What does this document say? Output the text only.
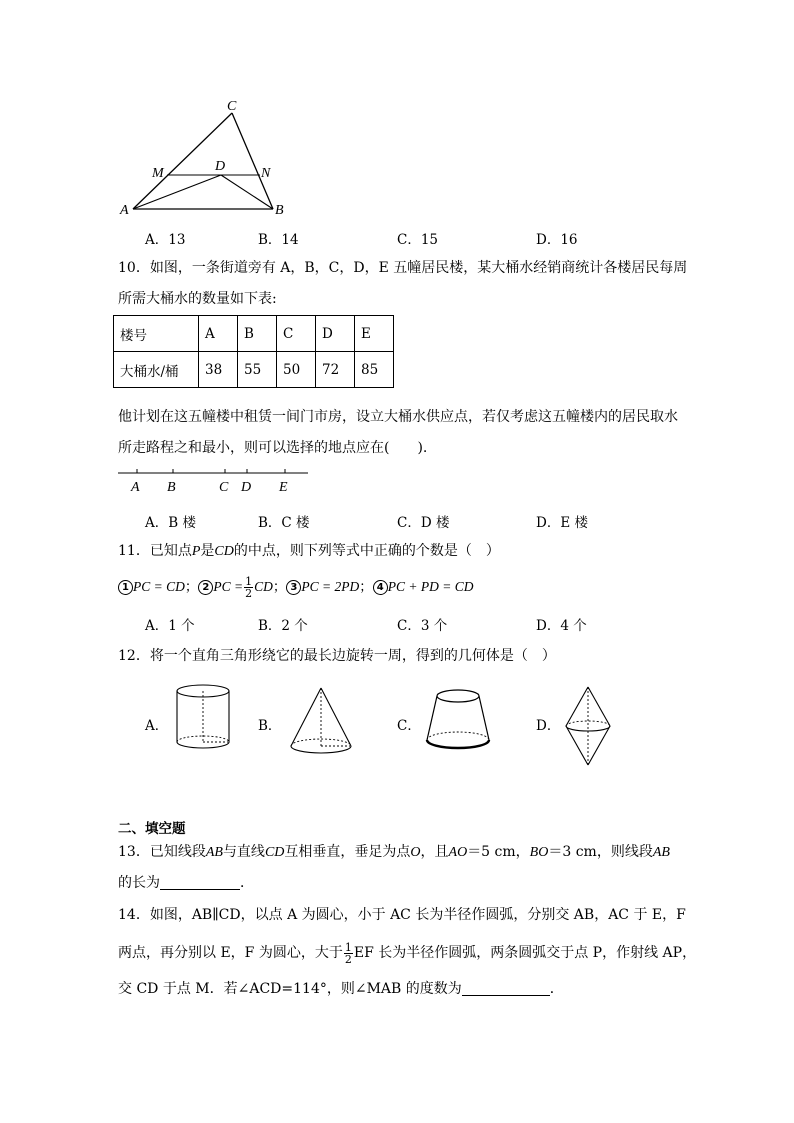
C
M	D	N
A	B
A．13	B．14	C．15	D．16
10．如图，一条街道旁有 A，B，C，D，E 五幢居民楼，某大桶水经销商统计各楼居民每周
所需大桶水的数量如下表:
楼号	A	B	C	D	E
大桶水/桶	38	55	50	72	85
他计划在这五幢楼中租赁一间门市房，设立大桶水供应点，若仅考虑这五幢楼内的居民取水
所走路程之和最小，则可以选择的地点应在(　　).
A B	C D E
A．B 楼	B．C 楼	C．D 楼	D．E 楼
11．已知点P是CD的中点，则下列等式中正确的个数是（　）
1 PC = CD； 2 PC = $\frac{1}{2}$ CD； 3 PC = 2PD； 4 PC + PD = CD
A．1 个	B．2 个	C．3 个	D．4 个
12．将一个直角三角形绕它的最长边旋转一周，得到的几何体是（　）
A．	B．	C．	D．
二、填空题
13．已知线段AB与直线CD互相垂直，垂足为点O，且AO＝5 cm，BO＝3 cm，则线段AB
的长为	．
14．如图，AB∥CD，以点 A 为圆心，小于 AC 长为半径作圆弧，分别交 AB，AC 于 E，F
两点，再分别以 E，F 为圆心，大于 $\frac{1}{2}$ EF 长为半径作圆弧，两条圆弧交于点 P，作射线 AP，
交 CD 于点 M．若∠ACD=114°，则∠MAB 的度数为	．
